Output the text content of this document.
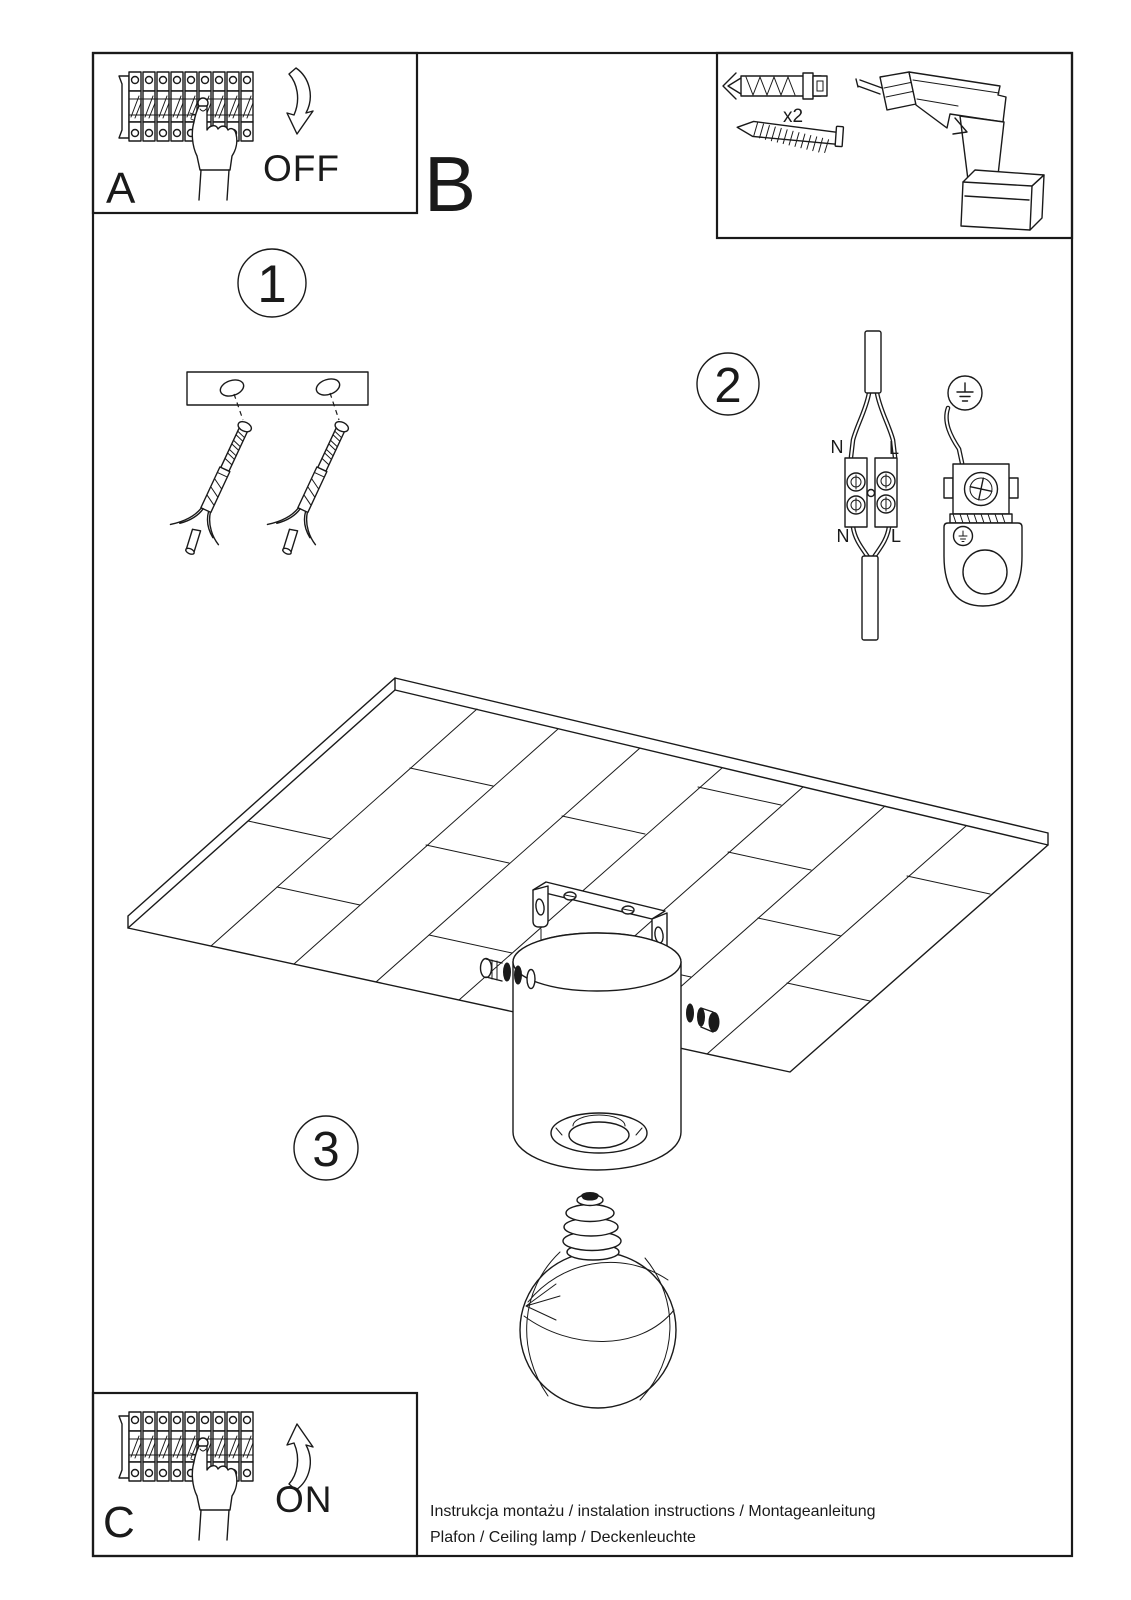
A	OFF B
x2
1
2
N	L
N L
3
C	ON	Instrukcja montażu / instalation instructions / Montageanleitung
Plafon / Ceiling lamp / Deckenleuchte
